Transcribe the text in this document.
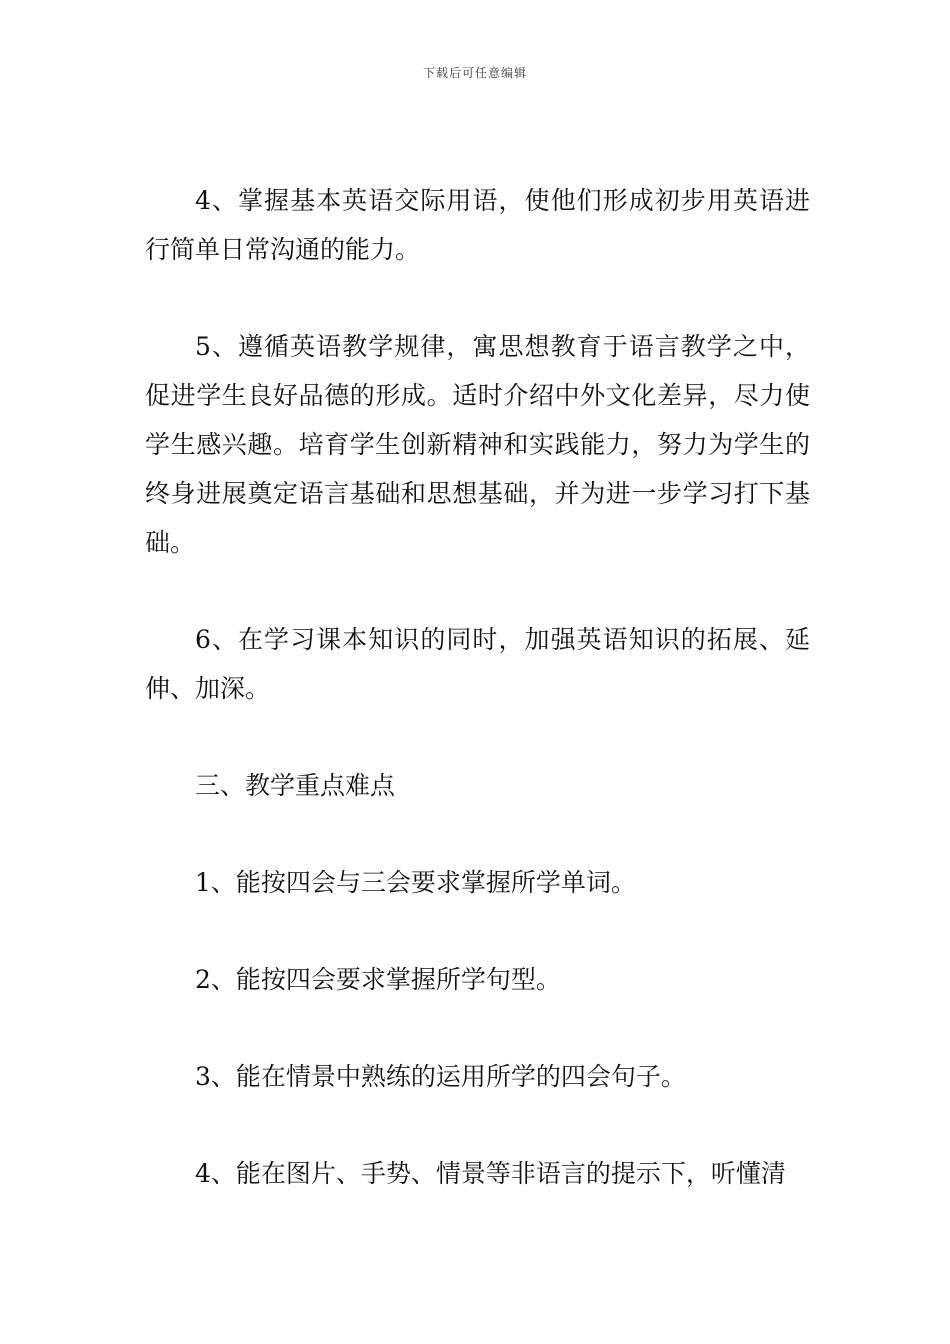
下载后可任意编辑

4、掌握基本英语交际用语，使他们形成初步用英语进行简单日常沟通的能力。

5、遵循英语教学规律，寓思想教育于语言教学之中，促进学生良好品德的形成。适时介绍中外文化差异，尽力使学生感兴趣。培育学生创新精神和实践能力，努力为学生的终身进展奠定语言基础和思想基础，并为进一步学习打下基础。

6、在学习课本知识的同时，加强英语知识的拓展、延伸、加深。

三、教学重点难点

1、能按四会与三会要求掌握所学单词。

2、能按四会要求掌握所学句型。

3、能在情景中熟练的运用所学的四会句子。

4、能在图片、手势、情景等非语言的提示下，听懂清
